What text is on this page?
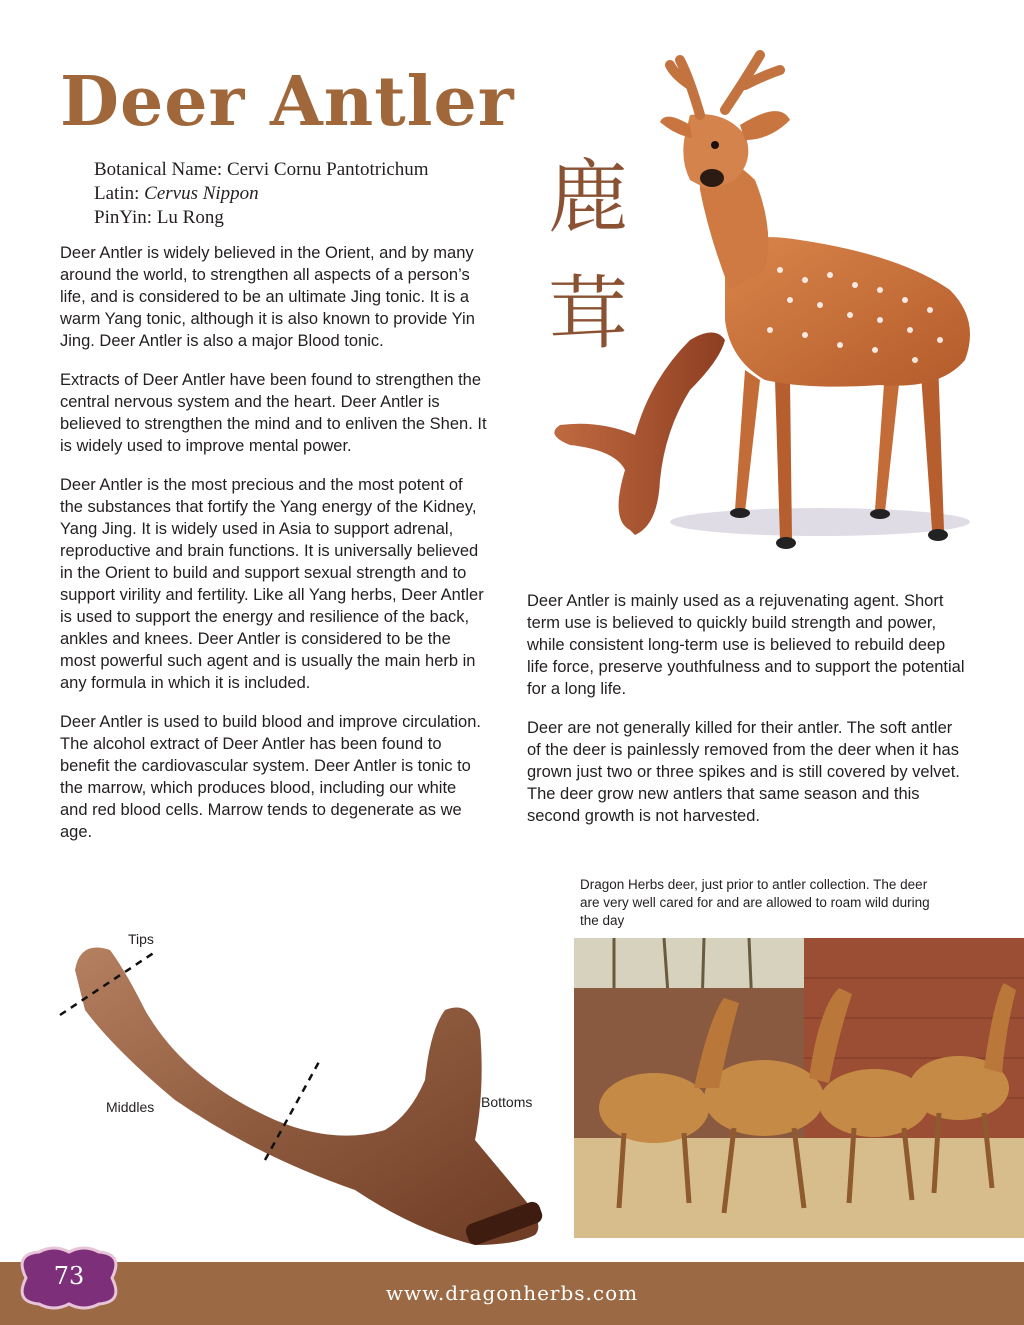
Deer Antler
Botanical Name: Cervi Cornu Pantotrichum
Latin: Cervus Nippon
PinYin: Lu Rong

Deer Antler is widely believed in the Orient, and by many around the world, to strengthen all aspects of a person’s life, and is considered to be an ultimate Jing tonic. It is a warm Yang tonic, although it is also known to provide Yin Jing. Deer Antler is also a major Blood tonic.

Extracts of Deer Antler have been found to strengthen the central nervous system and the heart. Deer Antler is believed to strengthen the mind and to enliven the Shen. It is widely used to improve mental power.

Deer Antler is the most precious and the most potent of the substances that fortify the Yang energy of the Kidney, Yang Jing. It is widely used in Asia to support adrenal, reproductive and brain functions. It is universally believed in the Orient to build and support sexual strength and to support virility and fertility. Like all Yang herbs, Deer Antler is used to support the energy and resilience of the back, ankles and knees. Deer Antler is considered to be the most powerful such agent and is usually the main herb in any formula in which it is included.

Deer Antler is used to build blood and improve circulation. The alcohol extract of Deer Antler has been found to benefit the cardiovascular system. Deer Antler is tonic to the marrow, which produces blood, including our white and red blood cells. Marrow tends to degenerate as we age.

鹿
茸

Deer Antler is mainly used as a rejuvenating agent. Short term use is believed to quickly build strength and power, while consistent long-term use is believed to rebuild deep life force, preserve youthfulness and to support the potential for a long life.

Deer are not generally killed for their antler. The soft antler of the deer is painlessly removed from the deer when it has grown just two or three spikes and is still covered by velvet. The deer grow new antlers that same season and this second growth is not harvested.

Dragon Herbs deer, just prior to antler collection. The deer are very well cared for and are allowed to roam wild during the day
Tips
Middles	Bottoms
73
www.dragonherbs.com
